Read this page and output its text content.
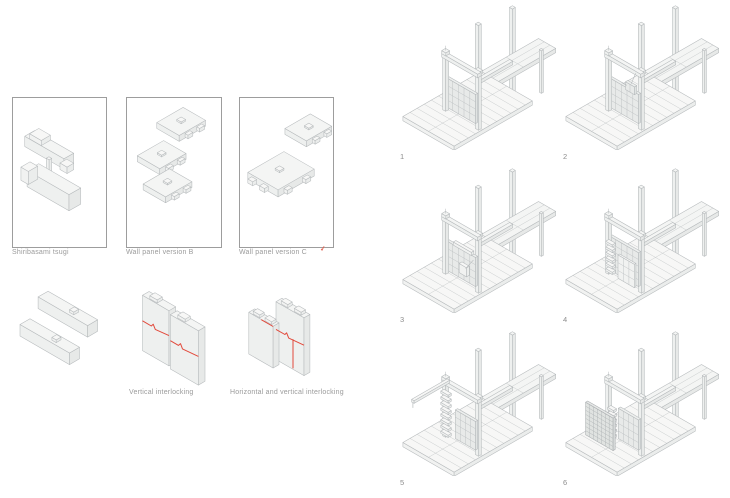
Shiribasami tsugi	Wall panel version B	Wall panel version C ✔
Vertical interlocking	Horizontal and vertical interlocking
1	2
3	4
5	6
